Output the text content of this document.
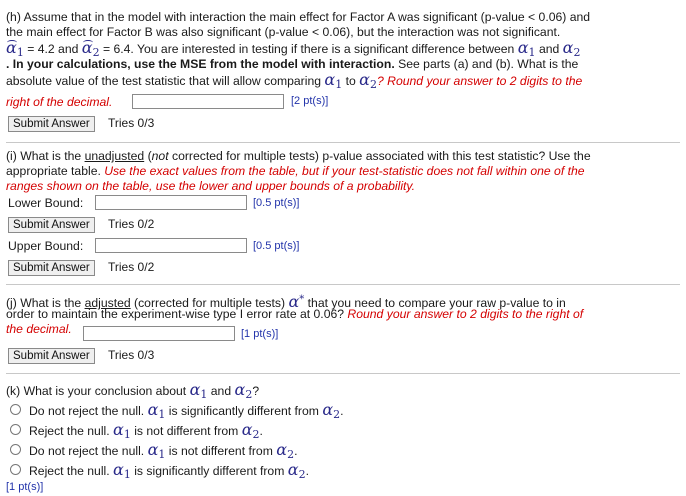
(h) Assume that in the model with interaction the main effect for Factor A was significant (p-value < 0.06) and
the main effect for Factor B was also significant (p-value < 0.06), but the interaction was not significant.
$\alpha_1 = 4.2$ and $\alpha_2 = 6.4$. You are interested in testing if there is a significant difference between $\alpha_1$ and $\alpha_2$
. In your calculations, use the MSE from the model with interaction. See parts (a) and (b). What is the
absolute value of the test statistic that will allow comparing $\alpha_1$ to $\alpha_2$? Round your answer to 2 digits to the
right of the decimal.	[2 pt(s)]
Submit Answer	Tries 0/3
(i) What is the unadjusted (not corrected for multiple tests) p-value associated with this test statistic? Use the
appropriate table. Use the exact values from the table, but if your test-statistic does not fall within one of the
ranges shown on the table, use the lower and upper bounds of a probability.
Lower Bound:	[0.5 pt(s)]
Submit Answer	Tries 0/2
Upper Bound:	[0.5 pt(s)]
Submit Answer	Tries 0/2
(j) What is the adjusted (corrected for multiple tests) α* that you need to compare your raw p-value to in
order to maintain the experiment-wise type I error rate at 0.06? Round your answer to 2 digits to the right of
the decimal.	[1 pt(s)]
Submit Answer	Tries 0/3
(k) What is your conclusion about $\alpha_1$ and $\alpha_2$?
Do not reject the null. $\alpha_1$ is significantly different from $\alpha_2$.
Reject the null. $\alpha_1$ is not different from $\alpha_2$.
Do not reject the null. $\alpha_1$ is not different from $\alpha_2$.
Reject the null. $\alpha_1$ is significantly different from $\alpha_2$.
[1 pt(s)]
